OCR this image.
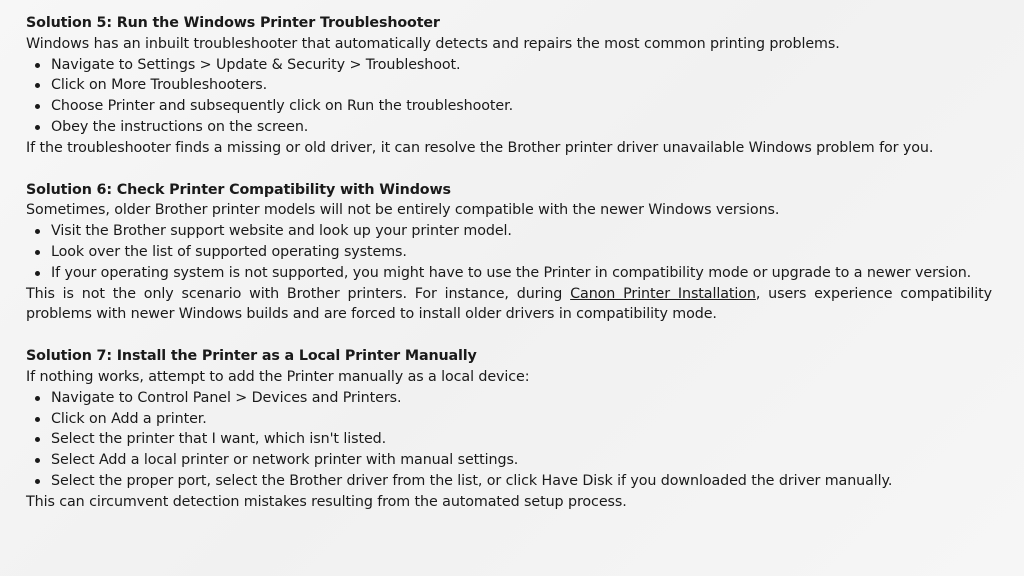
Solution 5: Run the Windows Printer Troubleshooter
Windows has an inbuilt troubleshooter that automatically detects and repairs the most common printing problems.
Navigate to Settings > Update & Security > Troubleshoot.
Click on More Troubleshooters.
Choose Printer and subsequently click on Run the troubleshooter.
Obey the instructions on the screen.
If the troubleshooter finds a missing or old driver, it can resolve the Brother printer driver unavailable Windows problem for you.
Solution 6: Check Printer Compatibility with Windows
Sometimes, older Brother printer models will not be entirely compatible with the newer Windows versions.
Visit the Brother support website and look up your printer model.
Look over the list of supported operating systems.
If your operating system is not supported, you might have to use the Printer in compatibility mode or upgrade to a newer version.
This is not the only scenario with Brother printers. For instance, during Canon Printer Installation, users experience compatibility problems with newer Windows builds and are forced to install older drivers in compatibility mode.
Solution 7: Install the Printer as a Local Printer Manually
If nothing works, attempt to add the Printer manually as a local device:
Navigate to Control Panel > Devices and Printers.
Click on Add a printer.
Select the printer that I want, which isn't listed.
Select Add a local printer or network printer with manual settings.
Select the proper port, select the Brother driver from the list, or click Have Disk if you downloaded the driver manually.
This can circumvent detection mistakes resulting from the automated setup process.
